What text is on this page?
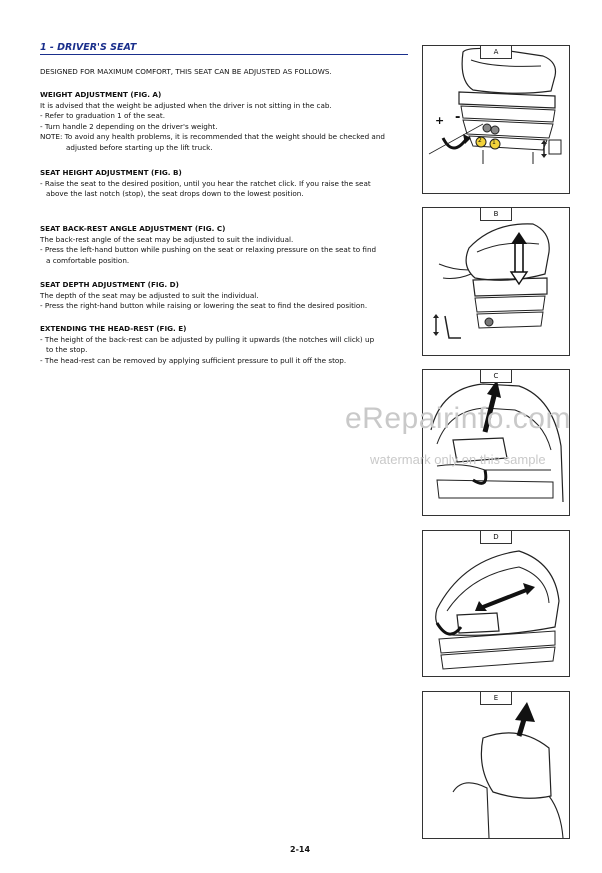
1 - DRIVER'S SEAT
DESIGNED FOR MAXIMUM COMFORT, THIS SEAT CAN BE ADJUSTED AS FOLLOWS.
WEIGHT ADJUSTMENT (FIG. A)
It is advised that the weight be adjusted when the driver is not sitting in the cab.
- Refer to graduation 1 of the seat.
- Turn handle 2 depending on the driver's weight.
NOTE: To avoid any health problems, it is recommended that the weight should be checked and
adjusted before starting up the lift truck.
SEAT HEIGHT ADJUSTMENT (FIG. B)
- Raise the seat to the desired position, until you hear the ratchet click. If you raise the seat
above the last notch (stop), the seat drops down to the lowest position.
SEAT BACK-REST ANGLE ADJUSTMENT (FIG. C)
The back-rest angle of the seat may be adjusted to suit the individual.
- Press the left-hand button while pushing on the seat or relaxing pressure on the seat to find
a comfortable position.
SEAT DEPTH ADJUSTMENT (FIG. D)
The depth of the seat may be adjusted to suit the individual.
- Press the right-hand button while raising or lowering the seat to find the desired position.
EXTENDING THE HEAD-REST (FIG. E)
- The height of the back-rest can be adjusted by pulling it upwards (the notches will click) up
to the stop.
- The head-rest can be removed by applying sufficient pressure to pull it off the stop.
A
+ -
2 1
B
C
D
E
eRepairinfo.com
watermark only on this sample
2-14
